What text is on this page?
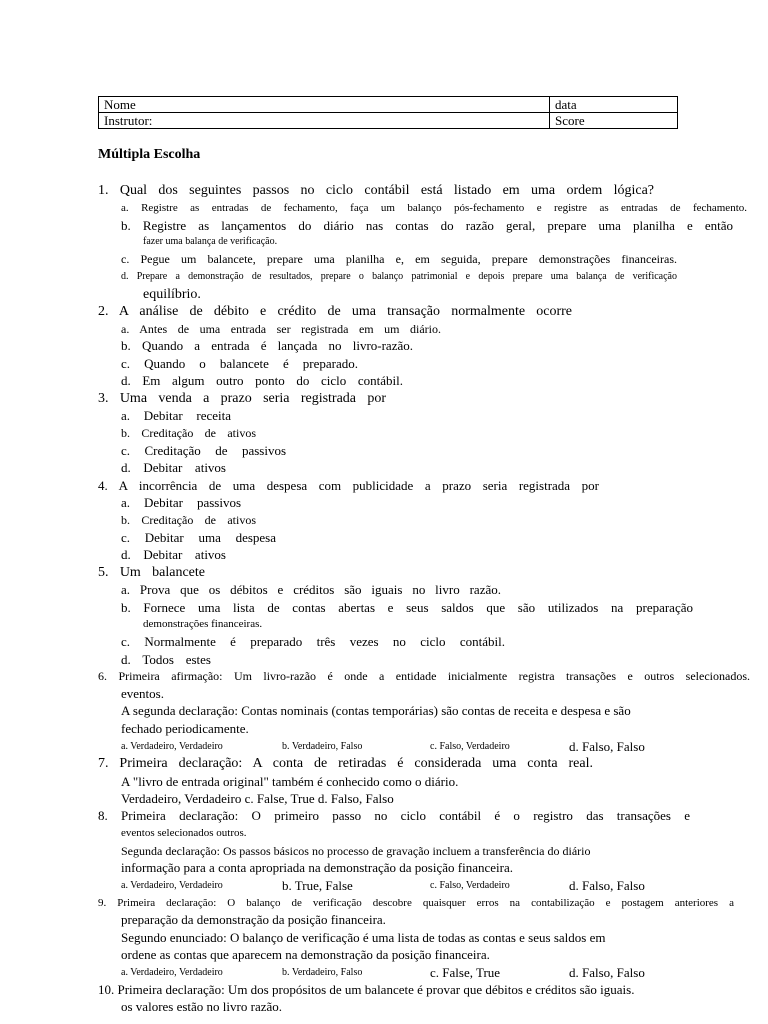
Nome	data
Instrutor:	Score
Múltipla Escolha
1. Qual dos seguintes passos no ciclo contábil está listado em uma ordem lógica?
a. Registre as entradas de fechamento, faça um balanço pós-fechamento e registre as entradas de fechamento.
b. Registre as lançamentos do diário nas contas do razão geral, prepare uma planilha e então
fazer uma balança de verificação.
c. Pegue um balancete, prepare uma planilha e, em seguida, prepare demonstrações financeiras.
d. Prepare a demonstração de resultados, prepare o balanço patrimonial e depois prepare uma balança de verificação
equilíbrio.
2. A análise de débito e crédito de uma transação normalmente ocorre
a. Antes de uma entrada ser registrada em um diário.
b. Quando a entrada é lançada no livro-razão.
c. Quando o balancete é preparado.
d. Em algum outro ponto do ciclo contábil.
3. Uma venda a prazo seria registrada por
a. Debitar receita
b. Creditação de ativos
c. Creditação de passivos
d. Debitar ativos
4. A incorrência de uma despesa com publicidade a prazo seria registrada por
a. Debitar passivos
b. Creditação de ativos
c. Debitar uma despesa
d. Debitar ativos
5. Um balancete
a. Prova que os débitos e créditos são iguais no livro razão.
b. Fornece uma lista de contas abertas e seus saldos que são utilizados na preparação
demonstrações financeiras.
c. Normalmente é preparado três vezes no ciclo contábil.
d. Todos estes
6. Primeira afirmação: Um livro-razão é onde a entidade inicialmente registra transações e outros selecionados.
eventos.
A segunda declaração: Contas nominais (contas temporárias) são contas de receita e despesa e são
fechado periodicamente.
a. Verdadeiro, Verdadeiro	b. Verdadeiro, Falso	c. Falso, Verdadeiro	d. Falso, Falso
7. Primeira declaração: A conta de retiradas é considerada uma conta real.
A "livro de entrada original" também é conhecido como o diário.
Verdadeiro, Verdadeiro c. False, True d. Falso, Falso
8. Primeira declaração: O primeiro passo no ciclo contábil é o registro das transações e
eventos selecionados outros.
Segunda declaração: Os passos básicos no processo de gravação incluem a transferência do diário
informação para a conta apropriada na demonstração da posição financeira.
a. Verdadeiro, Verdadeiro	b. True, False	c. Falso, Verdadeiro	d. Falso, Falso
9. Primeira declaração: O balanço de verificação descobre quaisquer erros na contabilização e postagem anteriores a
preparação da demonstração da posição financeira.
Segundo enunciado: O balanço de verificação é uma lista de todas as contas e seus saldos em
ordene as contas que aparecem na demonstração da posição financeira.
a. Verdadeiro, Verdadeiro	b. Verdadeiro, Falso	c. False, True	d. Falso, Falso
10. Primeira declaração: Um dos propósitos de um balancete é provar que débitos e créditos são iguais.
os valores estão no livro razão.
